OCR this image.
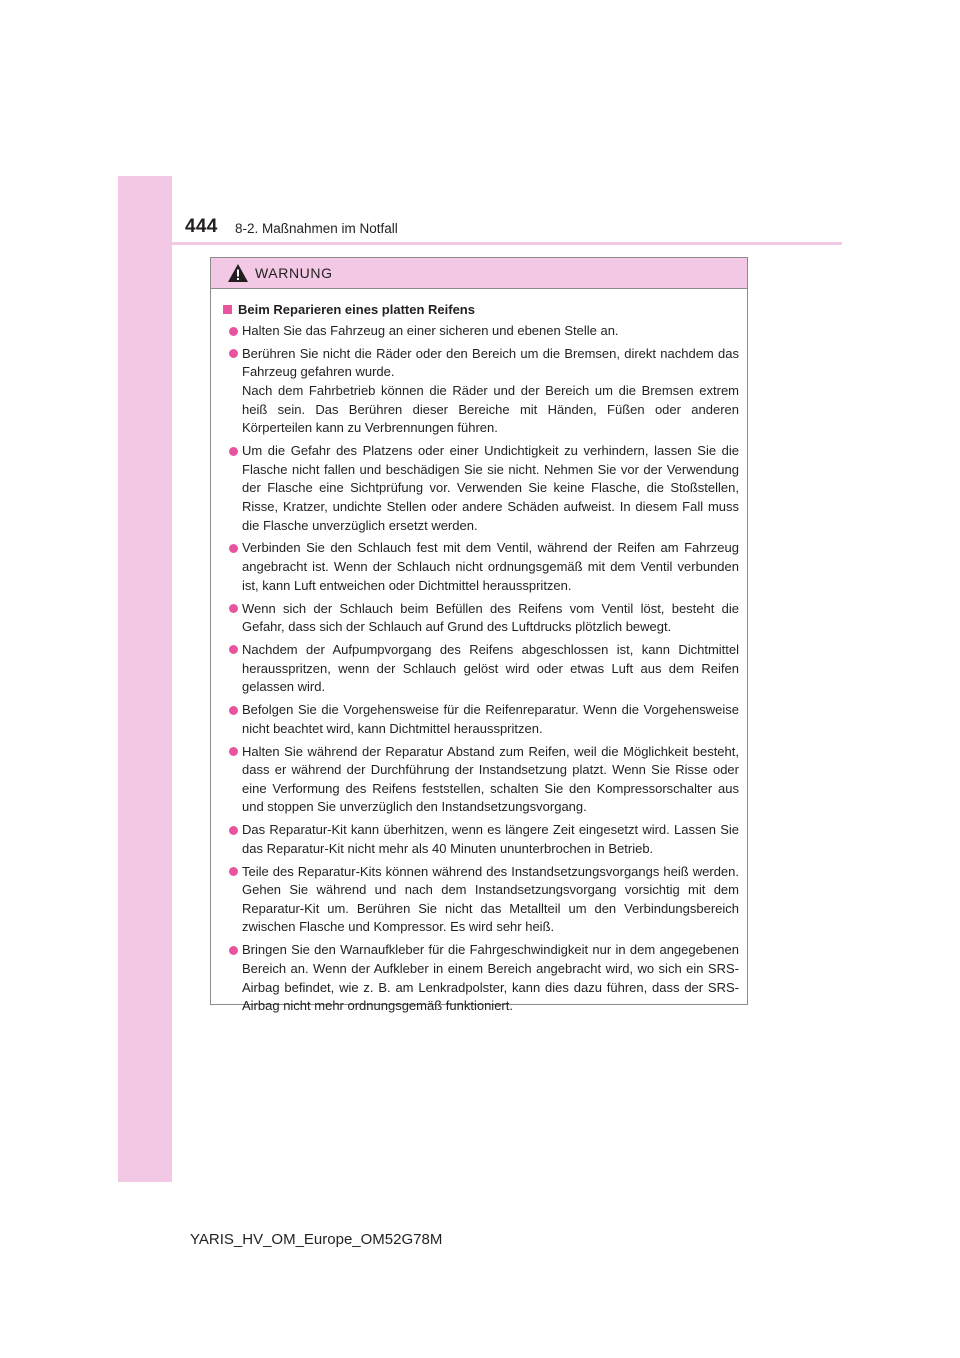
444 8-2. Maßnahmen im Notfall
WARNUNG
Beim Reparieren eines platten Reifens
Halten Sie das Fahrzeug an einer sicheren und ebenen Stelle an.
Berühren Sie nicht die Räder oder den Bereich um die Bremsen, direkt nachdem das Fahrzeug gefahren wurde.
Nach dem Fahrbetrieb können die Räder und der Bereich um die Bremsen extrem heiß sein. Das Berühren dieser Bereiche mit Händen, Füßen oder anderen Körperteilen kann zu Verbrennungen führen.
Um die Gefahr des Platzens oder einer Undichtigkeit zu verhindern, lassen Sie die Flasche nicht fallen und beschädigen Sie sie nicht. Nehmen Sie vor der Verwendung der Flasche eine Sichtprüfung vor. Verwenden Sie keine Flasche, die Stoßstellen, Risse, Kratzer, undichte Stellen oder andere Schäden aufweist. In diesem Fall muss die Flasche unverzüglich ersetzt werden.
Verbinden Sie den Schlauch fest mit dem Ventil, während der Reifen am Fahrzeug angebracht ist. Wenn der Schlauch nicht ordnungsgemäß mit dem Ventil verbunden ist, kann Luft entweichen oder Dichtmittel herausspritzen.
Wenn sich der Schlauch beim Befüllen des Reifens vom Ventil löst, besteht die Gefahr, dass sich der Schlauch auf Grund des Luftdrucks plötzlich bewegt.
Nachdem der Aufpumpvorgang des Reifens abgeschlossen ist, kann Dichtmittel herausspritzen, wenn der Schlauch gelöst wird oder etwas Luft aus dem Reifen gelassen wird.
Befolgen Sie die Vorgehensweise für die Reifenreparatur. Wenn die Vorgehensweise nicht beachtet wird, kann Dichtmittel herausspritzen.
Halten Sie während der Reparatur Abstand zum Reifen, weil die Möglichkeit besteht, dass er während der Durchführung der Instandsetzung platzt. Wenn Sie Risse oder eine Verformung des Reifens feststellen, schalten Sie den Kompressorschalter aus und stoppen Sie unverzüglich den Instandsetzungsvorgang.
Das Reparatur-Kit kann überhitzen, wenn es längere Zeit eingesetzt wird. Lassen Sie das Reparatur-Kit nicht mehr als 40 Minuten ununterbrochen in Betrieb.
Teile des Reparatur-Kits können während des Instandsetzungsvorgangs heiß werden. Gehen Sie während und nach dem Instandsetzungsvorgang vorsichtig mit dem Reparatur-Kit um. Berühren Sie nicht das Metallteil um den Verbindungsbereich zwischen Flasche und Kompressor. Es wird sehr heiß.
Bringen Sie den Warnaufkleber für die Fahrgeschwindigkeit nur in dem angegebenen Bereich an. Wenn der Aufkleber in einem Bereich angebracht wird, wo sich ein SRS-Airbag befindet, wie z. B. am Lenkradpolster, kann dies dazu führen, dass der SRS-Airbag nicht mehr ordnungsgemäß funktioniert.
YARIS_HV_OM_Europe_OM52G78M
